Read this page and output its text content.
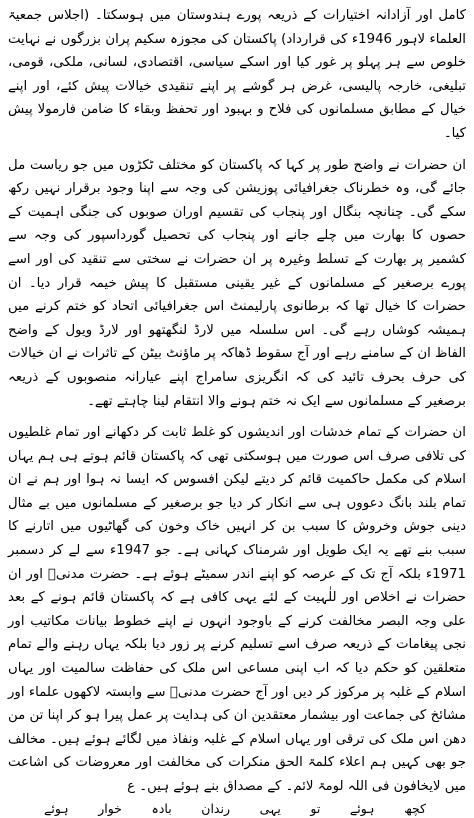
کامل اور آزادانہ اختیارات کے ذریعہ پورے ہندوستان میں ہوسکتا۔ (اجلاس جمعیۃ العلماء لاہور 1946ء کی قرارداد) پاکستان کی مجوزہ سکیم پران بزرگوں نے نہایت خلوص سے ہر پہلو پر غور کیا اور اسکے سیاسی، اقتصادی، لسانی، ملکی، قومی، تبلیغی، خارجہ پالیسی، غرض ہر گوشے پر اپنے تنقیدی خیالات پیش کئے، اور اپنے خیال کے مطابق مسلمانوں کی فلاح و بہبود اور تحفظ وبقاء کا ضامن فارمولا پیش کیا۔

ان حضرات نے واضح طور پر کہا کہ پاکستان کو مختلف ٹکڑوں میں جو ریاست مل جائے گی، وہ خطرناک جغرافیائی پوزیشن کی وجہ سے اپنا وجود برقرار نہیں رکھ سکے گی۔ چنانچہ بنگال اور پنجاب کی تقسیم اوران صوبوں کی جنگی اہمیت کے حصوں کا بھارت میں چلے جانے اور پنجاب کی تحصیل گورداسپور کی وجہ سے کشمیر پر بھارت کے تسلط وغیرہ پر ان حضرات نے سختی سے تنقید کی اور اسے پورے برصغیر کے مسلمانوں کے غیر یقینی مستقبل کا پیش خیمہ قرار دیا۔ ان حضرات کا خیال تھا کہ برطانوی پارلیمنٹ اس جغرافیائی اتحاد کو ختم کرنے میں ہمیشہ کوشاں رہے گی۔ اس سلسلہ میں لارڈ لنگھتھو اور لارڈ ویول کے واضح الفاظ ان کے سامنے رہے اور آج سقوط ڈھاکہ پر ماؤنٹ بیٹن کے تاثرات نے ان خیالات کی حرف بحرف تائید کی کہ انگریزی سامراج اپنے عیارانہ منصوبوں کے ذریعہ برصغیر کے مسلمانوں سے ایک نہ ختم ہونے والا انتقام لینا چاہتے تھے۔

ان حضرات کے تمام خدشات اور اندیشوں کو غلط ثابت کر دکھانے اور تمام غلطیوں کی تلافی صرف اس صورت میں ہوسکتی تھی کہ پاکستان قائم ہوتے ہی ہم یہاں اسلام کی مکمل حاکمیت قائم کر دیتے لیکن افسوس کہ ایسا نہ ہوا اور ہم نے ان تمام بلند بانگ دعووں ہی سے انکار کر دیا جو برصغیر کے مسلمانوں میں بے مثال دینی جوش وخروش کا سبب بن کر انہیں خاک وخون کی گھاٹیوں میں اتارنے کا سبب بنے تھے یہ ایک طویل اور شرمناک کہانی ہے۔ جو 1947ء سے لے کر دسمبر 1971ء بلکہ آج تک کے عرصہ کو اپنے اندر سمیٹے ہوئے ہے۔ حضرت مدنیؒ اور ان حضرات نے اخلاص اور للٰہیت کے لئے یہی کافی ہے کہ پاکستان قائم ہونے کے بعد علی وجہ البصر مخالفت کرنے کے باوجود انہوں نے اپنے خطوط بیانات مکاتیب اور نجی پیغامات کے ذریعہ صرف اسے تسلیم کرنے پر زور دیا بلکہ یہاں رہنے والے تمام متعلقین کو حکم دیا کہ اب اپنی مساعی اس ملک کی حفاظت سالمیت اور یہاں اسلام کے غلبہ پر مرکوز کر دیں اور آج حضرت مدنیؒ سے وابستہ لاکھوں علماء اور مشائخ کی جماعت اور بیشمار معتقدین ان کی ہدایت پر عمل پیرا ہو کر اپنا تن من دھن اس ملک کی ترقی اور یہاں اسلام کے غلبہ ونفاذ میں لگائے ہوئے ہیں۔ مخالف جو بھی کہیں ہم اعلاء کلمۃ الحق منکرات کی مخالفت اور معروضات کی اشاعت میں لایخافون فی اللہ لومۃ لائم۔ کے مصداق بنے ہوئے ہیں۔ ع

کچھ
ہوئے
تو
یہی
رندان
بادہ
خوار
ہوئے
